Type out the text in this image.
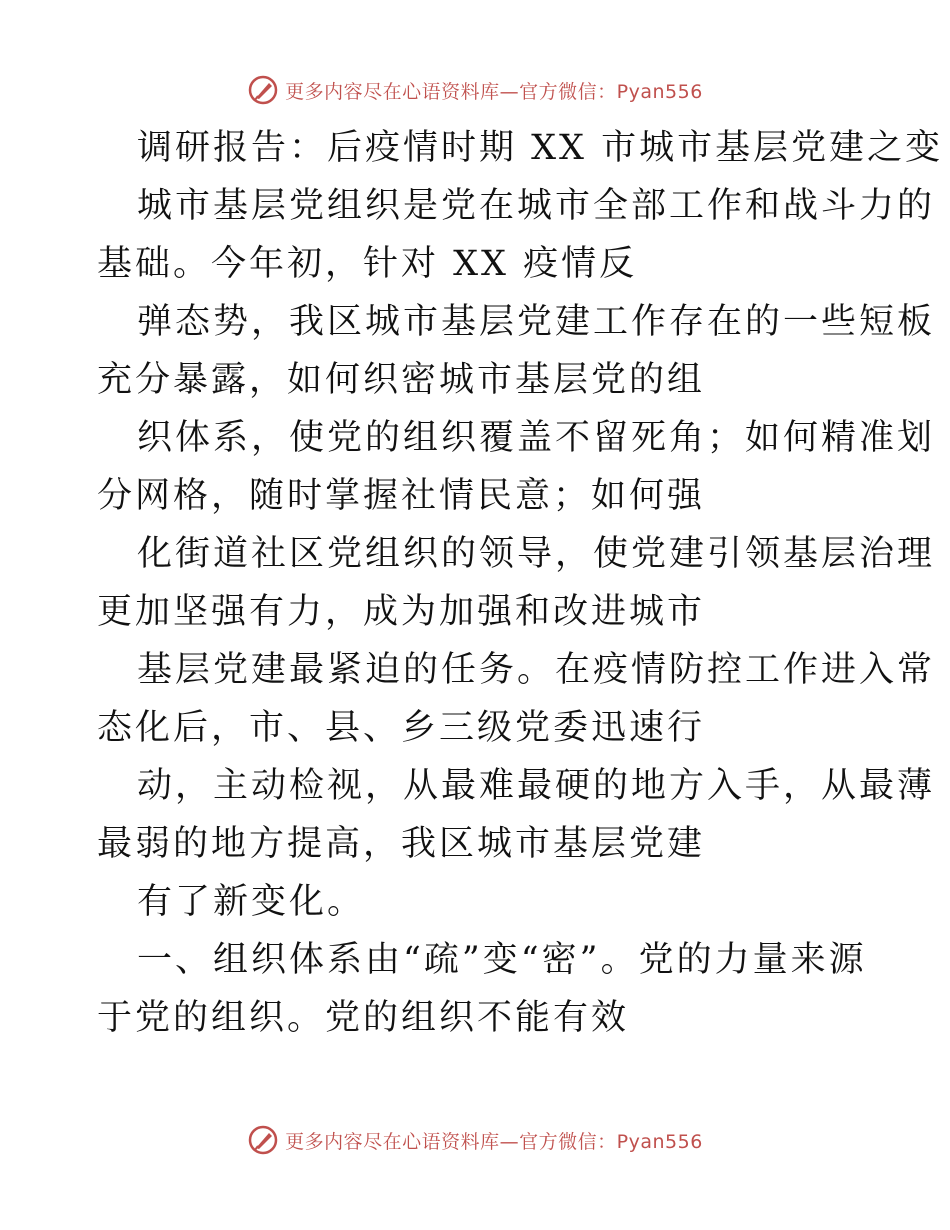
更多内容尽在心语资料库—官方微信：Pyan556
调研报告：后疫情时期 XX 市城市基层党建之变
城市基层党组织是党在城市全部工作和战斗力的
基础。今年初，针对 XX 疫情反
弹态势，我区城市基层党建工作存在的一些短板
充分暴露，如何织密城市基层党的组
织体系，使党的组织覆盖不留死角；如何精准划
分网格，随时掌握社情民意；如何强
化街道社区党组织的领导，使党建引领基层治理
更加坚强有力，成为加强和改进城市
基层党建最紧迫的任务。在疫情防控工作进入常
态化后，市、县、乡三级党委迅速行
动，主动检视，从最难最硬的地方入手，从最薄
最弱的地方提高，我区城市基层党建
有了新变化。
一、组织体系由“疏”变“密”。党的力量来源
于党的组织。党的组织不能有效
更多内容尽在心语资料库—官方微信：Pyan556
